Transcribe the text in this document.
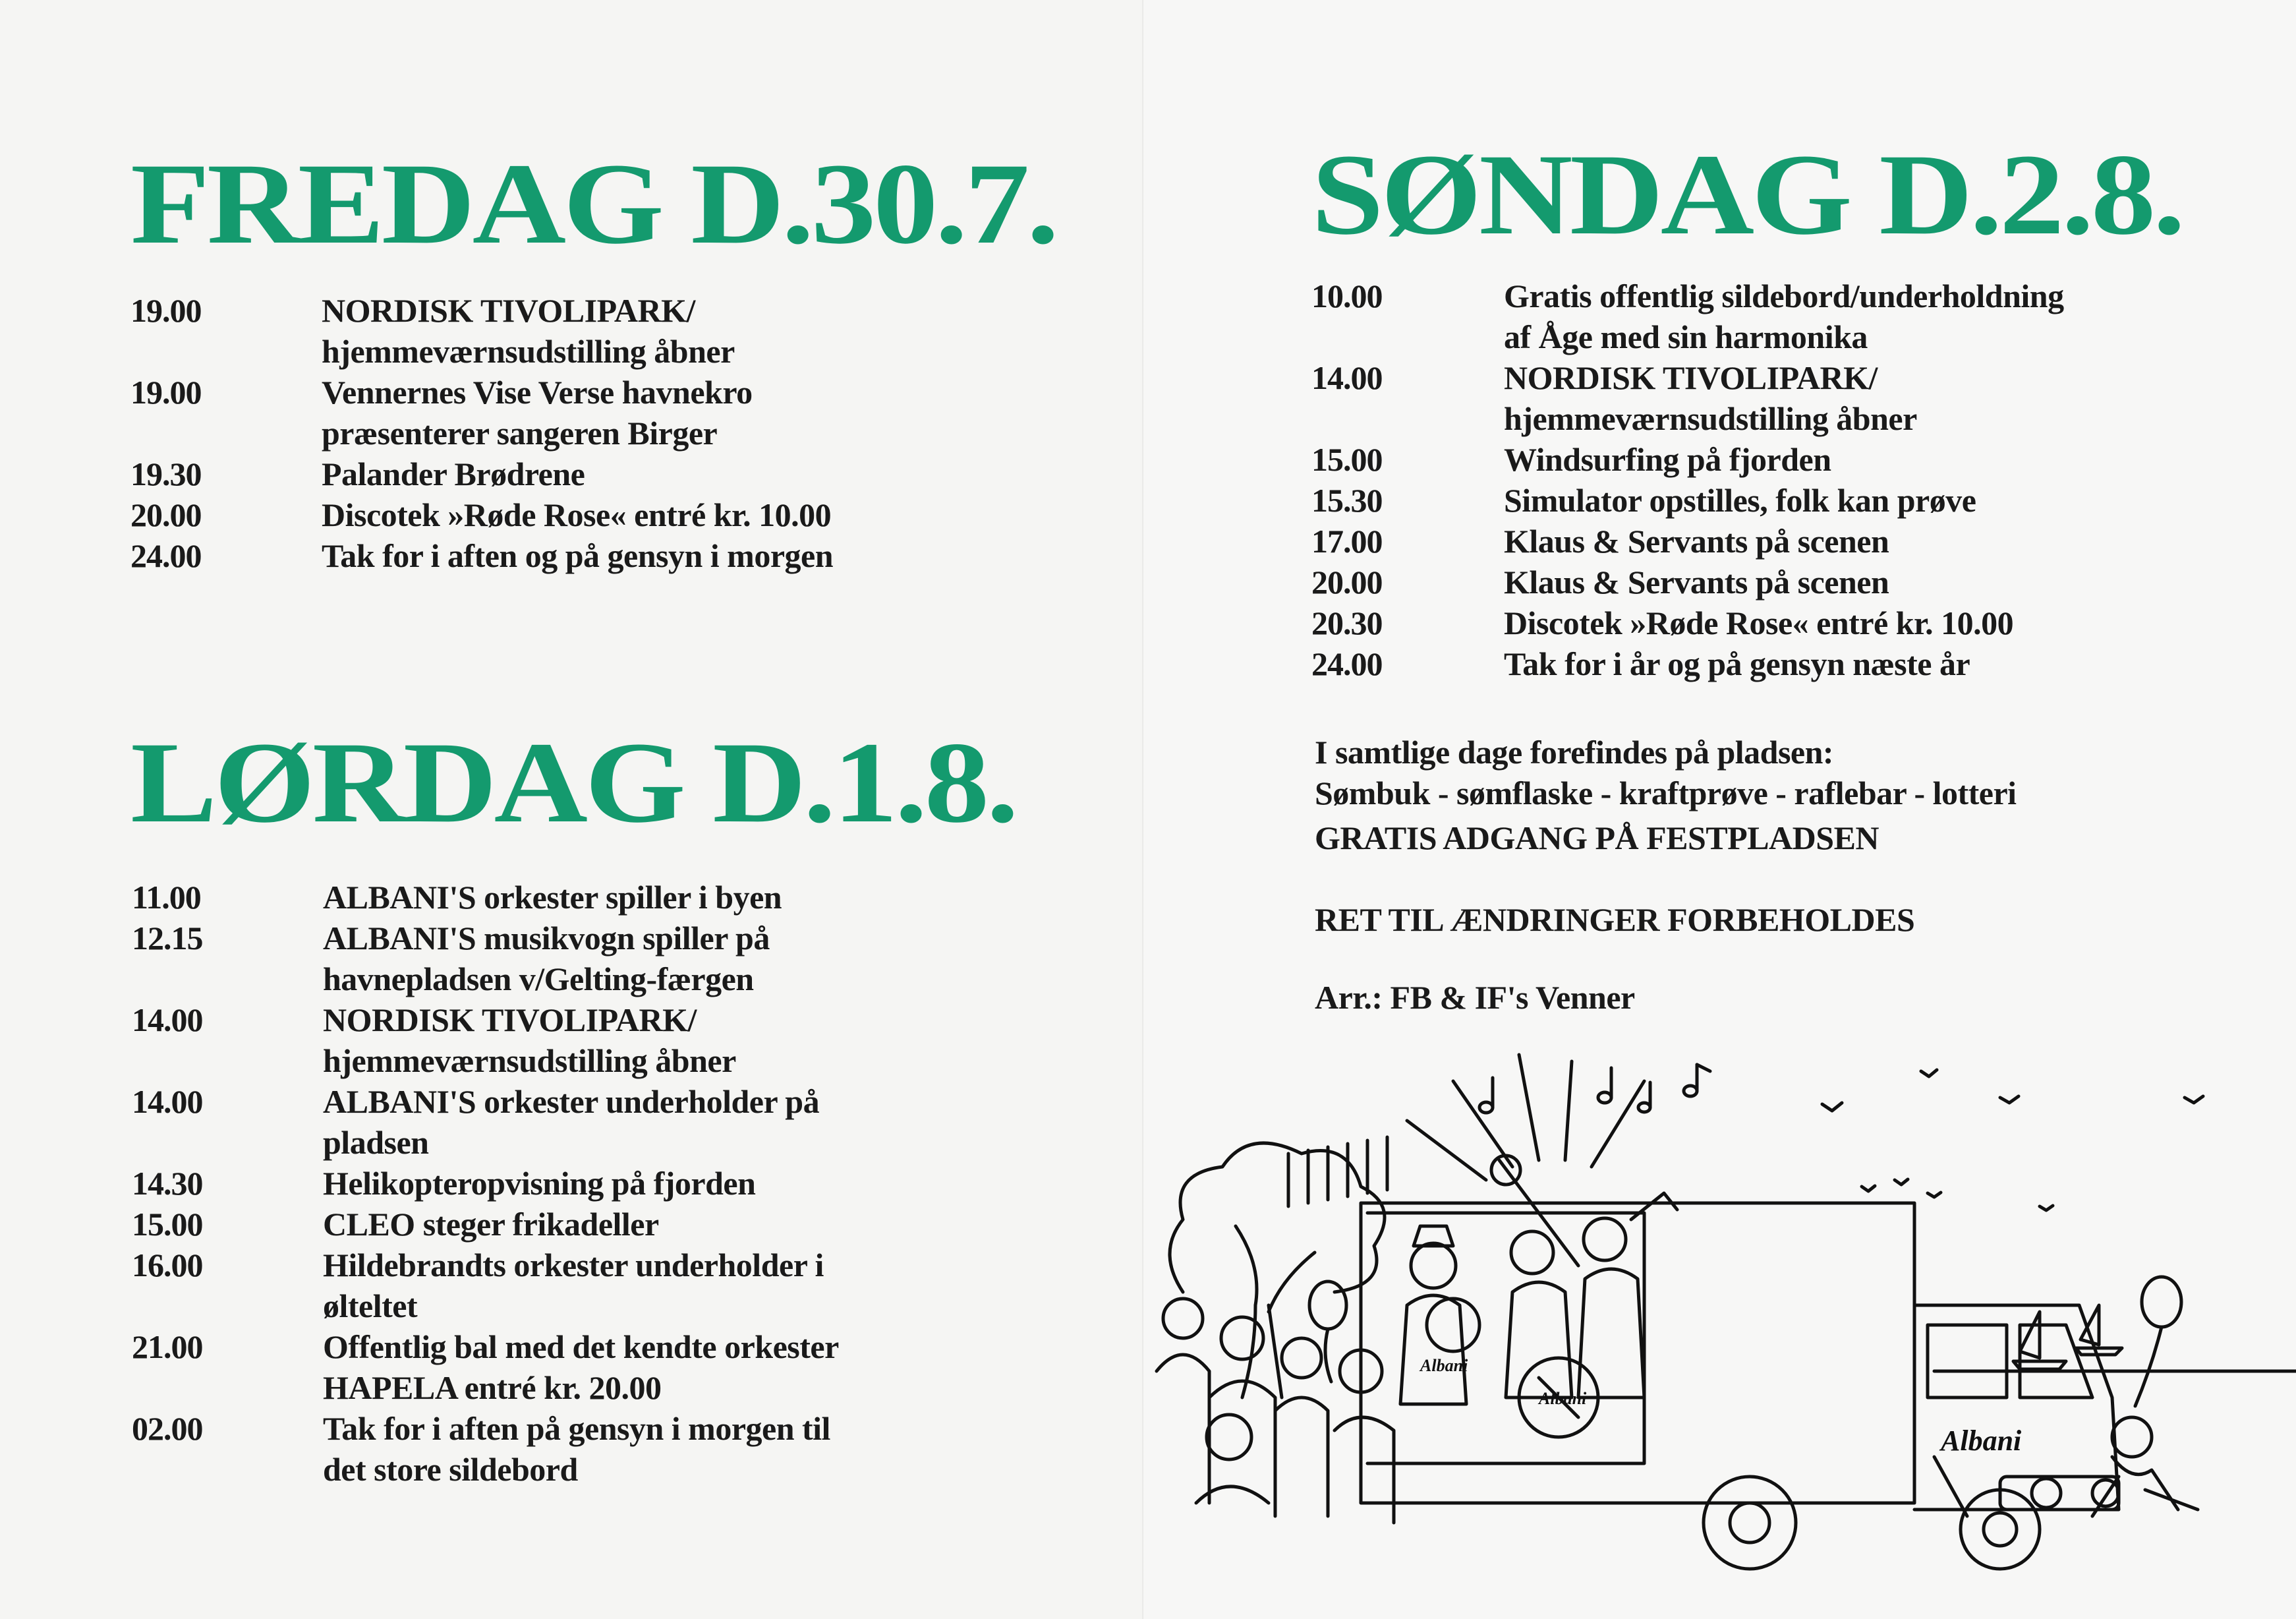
FREDAG D.30.7.
19.00	NORDISK TIVOLIPARK/
hjemmeværnsudstilling åbner
19.00	Vennernes Vise Verse havnekro
præsenterer sangeren Birger
19.30	Palander Brødrene
20.00	Discotek »Røde Rose« entré kr. 10.00
24.00	Tak for i aften og på gensyn i morgen
LØRDAG D.1.8.
11.00	ALBANI'S orkester spiller i byen
12.15	ALBANI'S musikvogn spiller på
havnepladsen v/Gelting-færgen
14.00	NORDISK TIVOLIPARK/
hjemmeværnsudstilling åbner
14.00	ALBANI'S orkester underholder på
pladsen
14.30	Helikopteropvisning på fjorden
15.00	CLEO steger frikadeller
16.00	Hildebrandts orkester underholder i
ølteltet
21.00	Offentlig bal med det kendte orkester
HAPELA entré kr. 20.00
02.00	Tak for i aften på gensyn i morgen til
det store sildebord
SØNDAG D.2.8.
10.00	Gratis offentlig sildebord/underholdning
af Åge med sin harmonika
14.00	NORDISK TIVOLIPARK/
hjemmeværnsudstilling åbner
15.00	Windsurfing på fjorden
15.30	Simulator opstilles, folk kan prøve
17.00	Klaus & Servants på scenen
20.00	Klaus & Servants på scenen
20.30	Discotek »Røde Rose« entré kr. 10.00
24.00	Tak for i år og på gensyn næste år
I samtlige dage forefindes på pladsen:
Sømbuk - sømflaske - kraftprøve - raflebar - lotteri
GRATIS ADGANG PÅ FESTPLADSEN
RET TIL ÆNDRINGER FORBEHOLDES
Arr.: FB & IF's Venner
Albani
Albani
Albani
